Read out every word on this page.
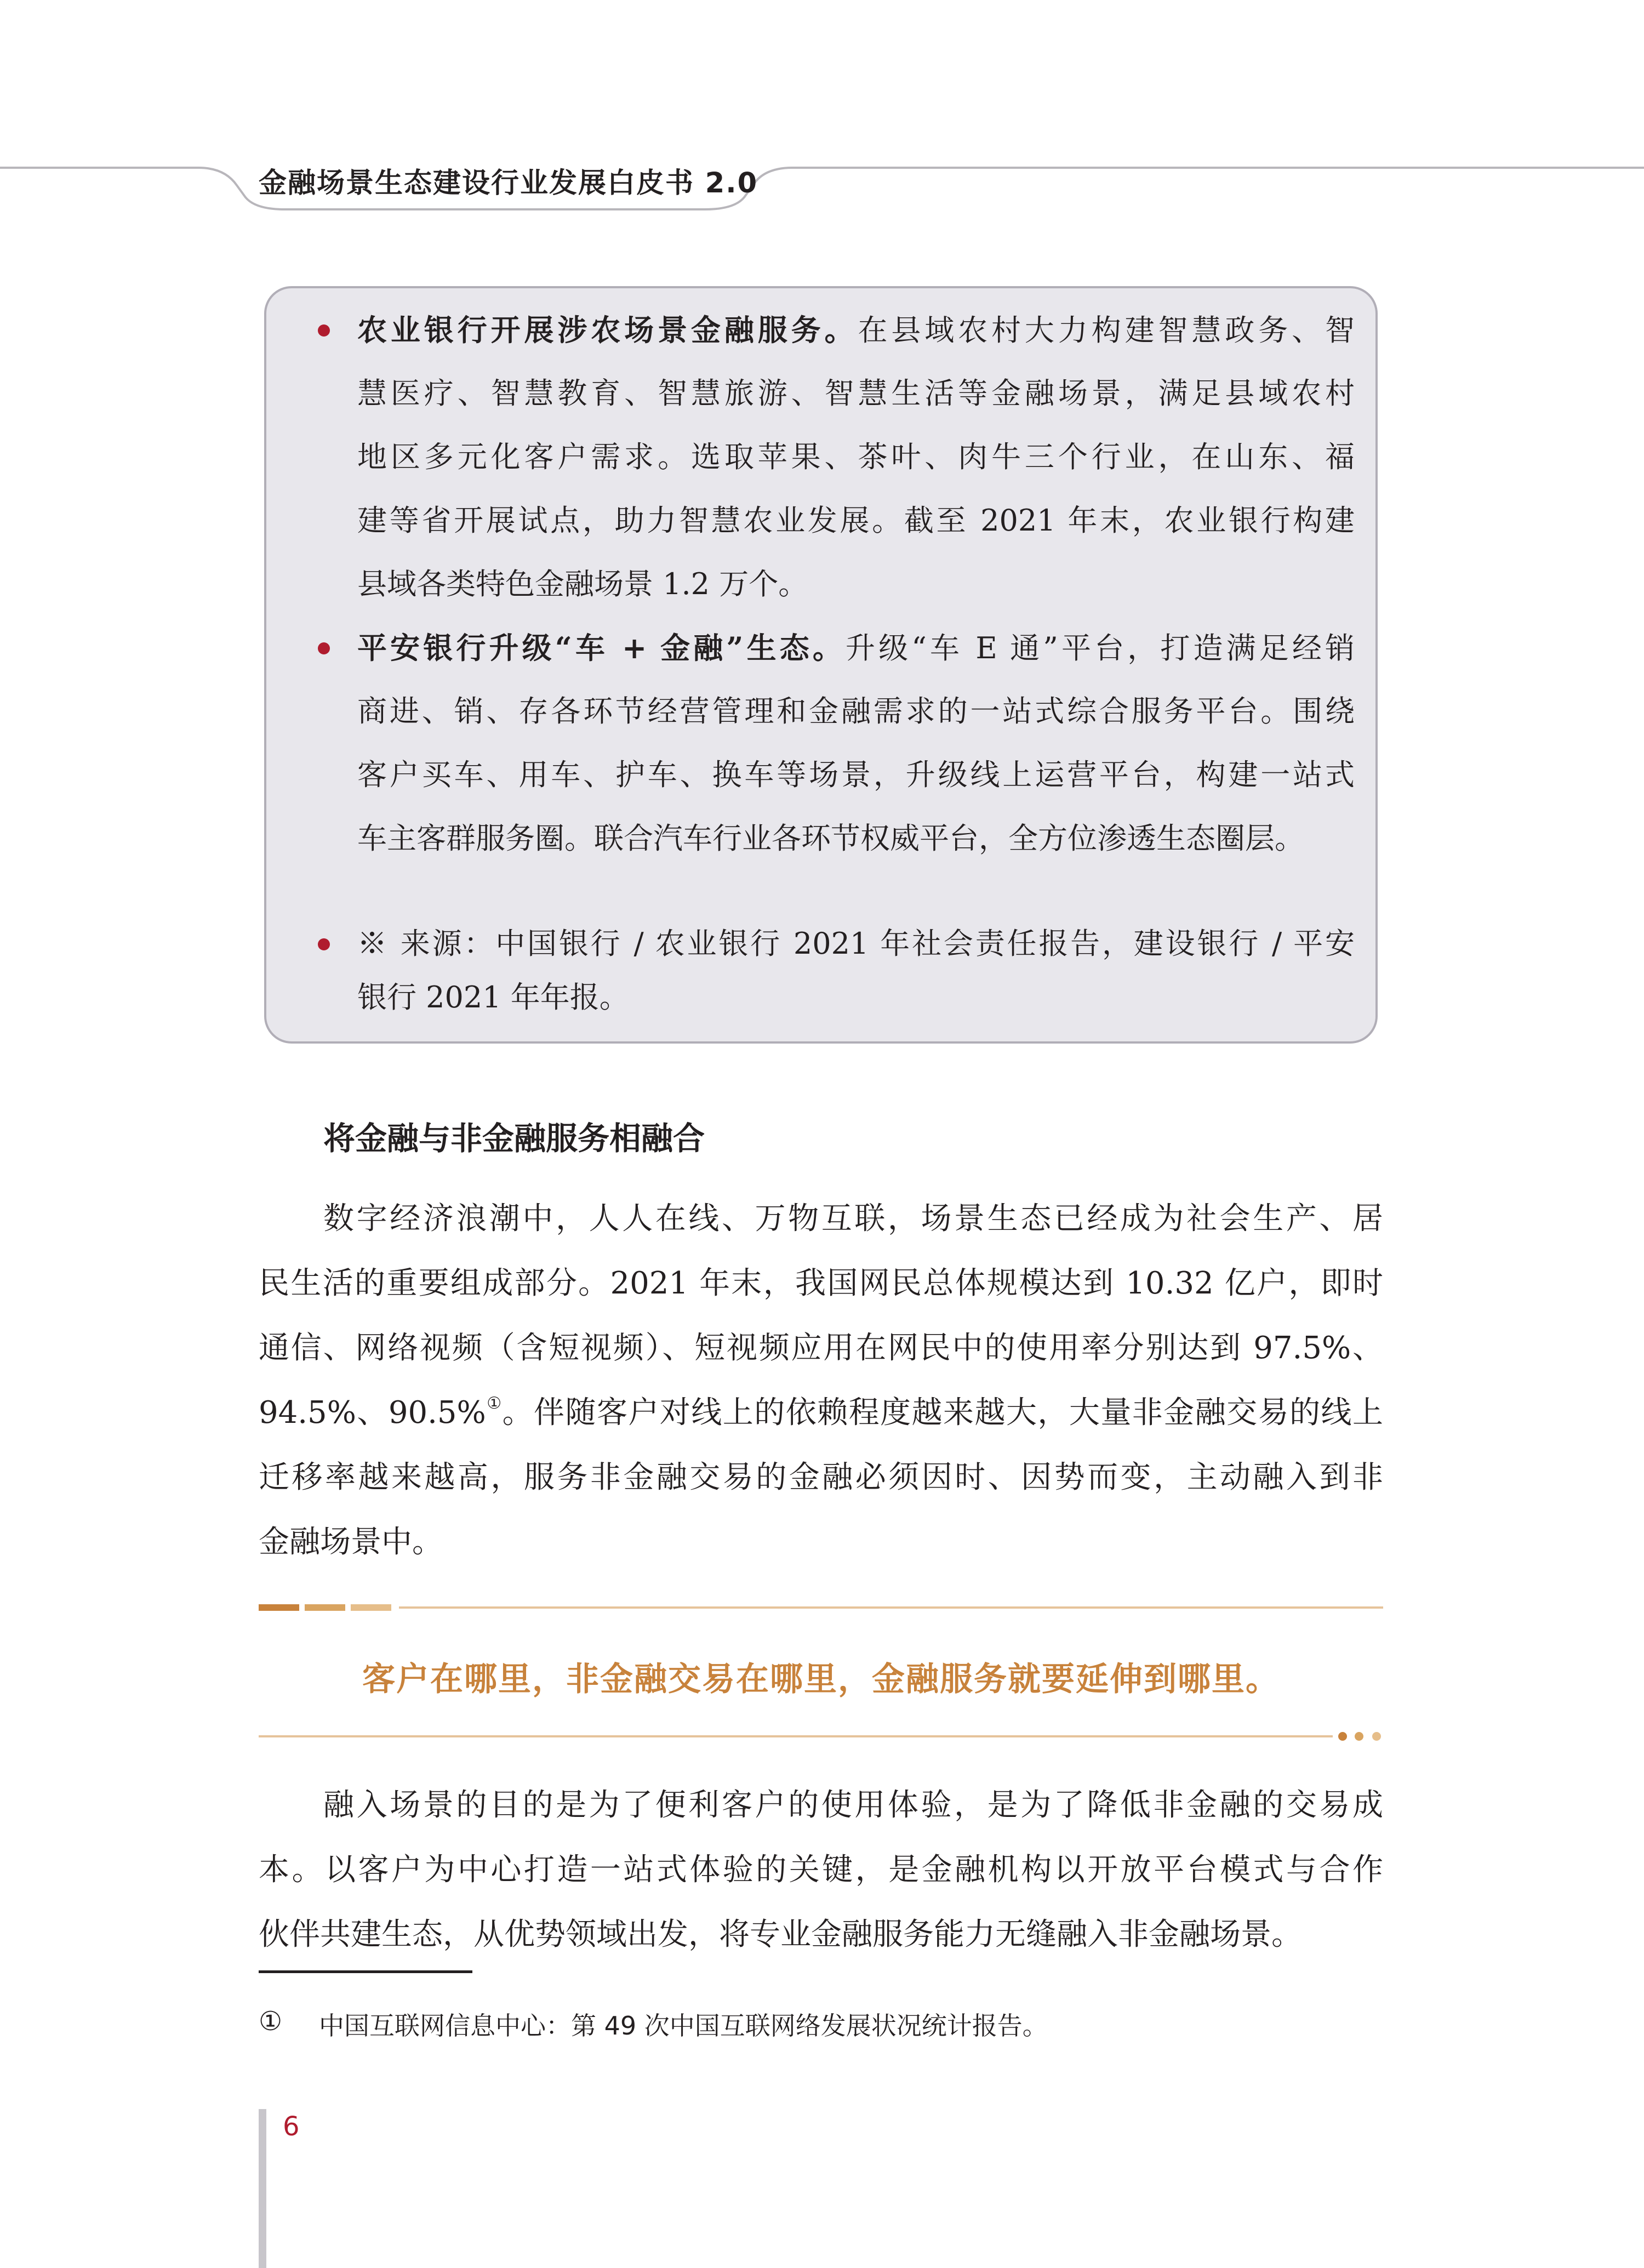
金融场景生态建设行业发展白皮书 2.0
农业银行开展涉农场景金融服务。在县域农村大力构建智慧政务、智
慧医疗、智慧教育、智慧旅游、智慧生活等金融场景，满足县域农村
地区多元化客户需求。选取苹果、茶叶、肉牛三个行业，在山东、福
建等省开展试点，助力智慧农业发展。截至 2021 年末，农业银行构建
县域各类特色金融场景 1.2 万个。
平安银行升级“车 + 金融”生态。升级“车 E 通”平台，打造满足经销
商进、销、存各环节经营管理和金融需求的一站式综合服务平台。围绕
客户买车、用车、护车、换车等场景，升级线上运营平台，构建一站式
车主客群服务圈。联合汽车行业各环节权威平台，全方位渗透生态圈层。
※ 来源：中国银行 / 农业银行 2021 年社会责任报告，建设银行 / 平安
银行 2021 年年报。
将金融与非金融服务相融合
数字经济浪潮中，人人在线、万物互联，场景生态已经成为社会生产、居
民生活的重要组成部分。2021 年末，我国网民总体规模达到 10.32 亿户，即时
通信、网络视频（含短视频）、短视频应用在网民中的使用率分别达到 97.5%、
94.5%、90.5%①。伴随客户对线上的依赖程度越来越大，大量非金融交易的线上
迁移率越来越高，服务非金融交易的金融必须因时、因势而变，主动融入到非
金融场景中。
客户在哪里，非金融交易在哪里，金融服务就要延伸到哪里。
融入场景的目的是为了便利客户的使用体验，是为了降低非金融的交易成
本。以客户为中心打造一站式体验的关键，是金融机构以开放平台模式与合作
伙伴共建生态，从优势领域出发，将专业金融服务能力无缝融入非金融场景。
① 中国互联网信息中心：第 49 次中国互联网络发展状况统计报告。
6
